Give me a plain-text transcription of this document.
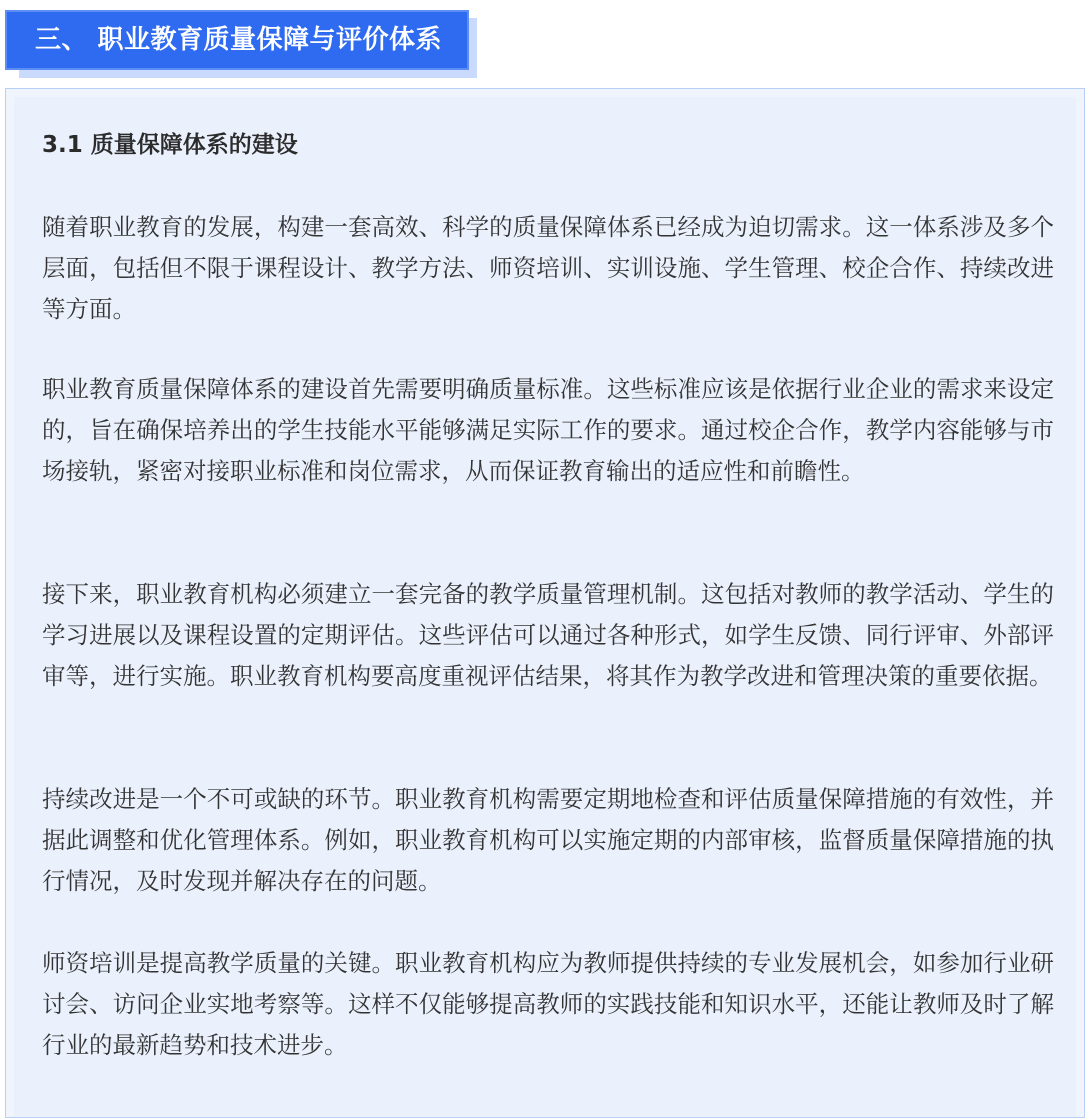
三、 职业教育质量保障与评价体系
3.1 质量保障体系的建设

随着职业教育的发展，构建一套高效、科学的质量保障体系已经成为迫切需求。这一体系涉及多个层面，包括但不限于课程设计、教学方法、师资培训、实训设施、学生管理、校企合作、持续改进等方面。

职业教育质量保障体系的建设首先需要明确质量标准。这些标准应该是依据行业企业的需求来设定的，旨在确保培养出的学生技能水平能够满足实际工作的要求。通过校企合作，教学内容能够与市场接轨，紧密对接职业标准和岗位需求，从而保证教育输出的适应性和前瞻性。

接下来，职业教育机构必须建立一套完备的教学质量管理机制。这包括对教师的教学活动、学生的学习进展以及课程设置的定期评估。这些评估可以通过各种形式，如学生反馈、同行评审、外部评审等，进行实施。职业教育机构要高度重视评估结果，将其作为教学改进和管理决策的重要依据。

持续改进是一个不可或缺的环节。职业教育机构需要定期地检查和评估质量保障措施的有效性，并据此调整和优化管理体系。例如，职业教育机构可以实施定期的内部审核，监督质量保障措施的执行情况，及时发现并解决存在的问题。

师资培训是提高教学质量的关键。职业教育机构应为教师提供持续的专业发展机会，如参加行业研讨会、访问企业实地考察等。这样不仅能够提高教师的实践技能和知识水平，还能让教师及时了解行业的最新趋势和技术进步。
